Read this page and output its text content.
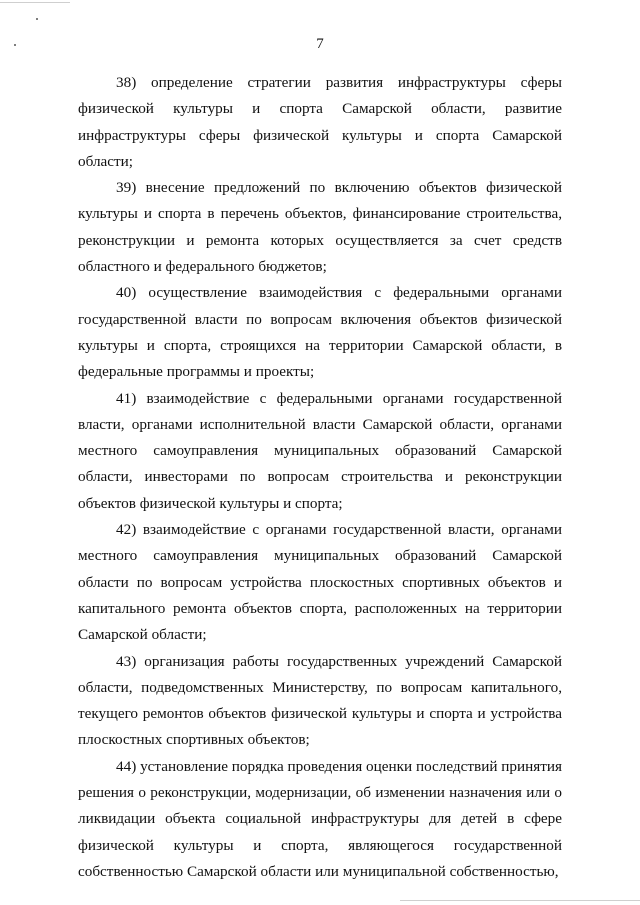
7

38) определение стратегии развития инфраструктуры сферы физической культуры и спорта Самарской области, развитие инфраструктуры сферы физической культуры и спорта Самарской области;

39) внесение предложений по включению объектов физической культуры и спорта в перечень объектов, финансирование строительства, реконструкции и ремонта которых осуществляется за счет средств областного и федерального бюджетов;

40) осуществление взаимодействия с федеральными органами государственной власти по вопросам включения объектов физической культуры и спорта, строящихся на территории Самарской области, в федеральные программы и проекты;

41) взаимодействие с федеральными органами государственной власти, органами исполнительной власти Самарской области, органами местного самоуправления муниципальных образований Самарской области, инвесторами по вопросам строительства и реконструкции объектов физической культуры и спорта;

42) взаимодействие с органами государственной власти, органами местного самоуправления муниципальных образований Самарской области по вопросам устройства плоскостных спортивных объектов и капитального ремонта объектов спорта, расположенных на территории Самарской области;

43) организация работы государственных учреждений Самарской области, подведомственных Министерству, по вопросам капитального, текущего ремонтов объектов физической культуры и спорта и устройства плоскостных спортивных объектов;

44) установление порядка проведения оценки последствий принятия решения о реконструкции, модернизации, об изменении назначения или о ликвидации объекта социальной инфраструктуры для детей в сфере физической культуры и спорта, являющегося государственной собственностью Самарской области или муниципальной собственностью,
